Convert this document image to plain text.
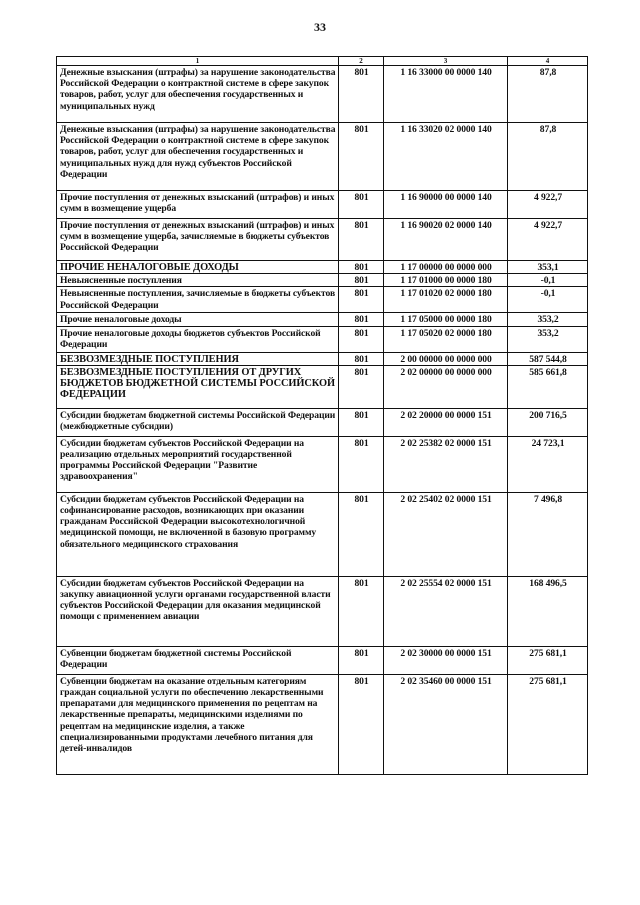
33
1	2	3	4
Денежные взыскания (штрафы) за нарушение законодательства Российской Федерации о контрактной системе в сфере закупок товаров, работ, услуг для обеспечения государственных и муниципальных нужд	801	1 16 33000 00 0000 140	87,8
Денежные взыскания (штрафы) за нарушение законодательства Российской Федерации о контрактной системе в сфере закупок товаров, работ, услуг для обеспечения государственных и муниципальных нужд для нужд субъектов Российской Федерации	801	1 16 33020 02 0000 140	87,8
Прочие поступления от денежных взысканий (штрафов) и иных сумм в возмещение ущерба	801	1 16 90000 00 0000 140	4 922,7
Прочие поступления от денежных взысканий (штрафов) и иных сумм в возмещение ущерба, зачисляемые в бюджеты субъектов Российской Федерации	801	1 16 90020 02 0000 140	4 922,7
ПРОЧИЕ НЕНАЛОГОВЫЕ ДОХОДЫ	801	1 17 00000 00 0000 000	353,1
Невыясненные поступления	801	1 17 01000 00 0000 180	-0,1
Невыясненные поступления, зачисляемые в бюджеты субъектов Российской Федерации	801	1 17 01020 02 0000 180	-0,1
Прочие неналоговые доходы	801	1 17 05000 00 0000 180	353,2
Прочие неналоговые доходы бюджетов субъектов Российской Федерации	801	1 17 05020 02 0000 180	353,2
БЕЗВОЗМЕЗДНЫЕ ПОСТУПЛЕНИЯ	801	2 00 00000 00 0000 000	587 544,8
БЕЗВОЗМЕЗДНЫЕ ПОСТУПЛЕНИЯ ОТ ДРУГИХ БЮДЖЕТОВ БЮДЖЕТНОЙ СИСТЕМЫ РОССИЙСКОЙ ФЕДЕРАЦИИ	801	2 02 00000 00 0000 000	585 661,8
Субсидии бюджетам бюджетной системы Российской Федерации (межбюджетные субсидии)	801	2 02 20000 00 0000 151	200 716,5
Субсидии бюджетам субъектов Российской Федерации на реализацию отдельных мероприятий государственной программы Российской Федерации "Развитие здравоохранения"	801	2 02 25382 02 0000 151	24 723,1
Субсидии бюджетам субъектов Российской Федерации на софинансирование расходов, возникающих при оказании гражданам Российской Федерации высокотехнологичной медицинской помощи, не включенной в базовую программу обязательного медицинского страхования	801	2 02 25402 02 0000 151	7 496,8
Субсидии бюджетам субъектов Российской Федерации на закупку авиационной услуги органами государственной власти субъектов Российской Федерации для оказания медицинской помощи с применением авиации	801	2 02 25554 02 0000 151	168 496,5
Субвенции бюджетам бюджетной системы Российской Федерации	801	2 02 30000 00 0000 151	275 681,1
Субвенции бюджетам на оказание отдельным категориям граждан социальной услуги по обеспечению лекарственными препаратами для медицинского применения по рецептам на лекарственные препараты, медицинскими изделиями по рецептам на медицинские изделия, а также специализированными продуктами лечебного питания для детей-инвалидов	801	2 02 35460 00 0000 151	275 681,1
